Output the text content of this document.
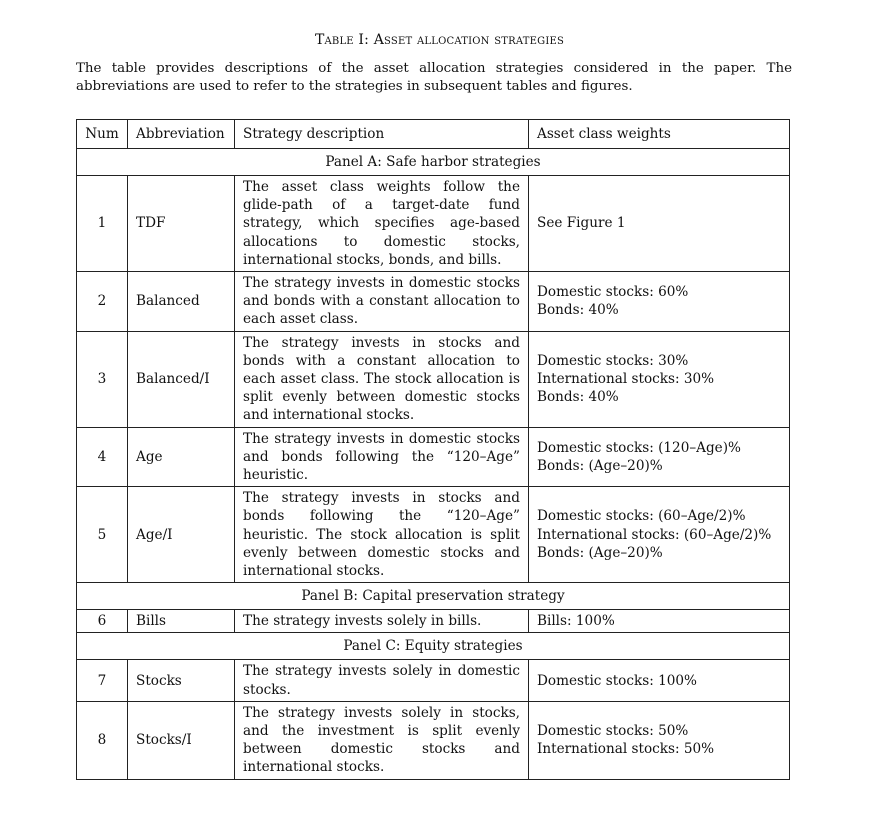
Table I: Asset allocation strategies
The table provides descriptions of the asset allocation strategies considered in the paper. The abbreviations are used to refer to the strategies in subsequent tables and figures.
Num	Abbreviation	Strategy description	Asset class weights
Panel A: Safe harbor strategies			
1	TDF	The asset class weights follow the glide-path of a target-date fund strategy, which specifies age-based allocations to domestic stocks, international stocks, bonds, and bills.	See Figure 1

2	Balanced	The strategy invests in domestic stocks and bonds with a constant allocation to each asset class.	Domestic stocks: 60%
Bonds: 40%

3	Balanced/I	The strategy invests in stocks and bonds with a constant allocation to each asset class. The stock allocation is split evenly between domestic stocks and international stocks.	Domestic stocks: 30%
International stocks: 30%
Bonds: 40%

4	Age	The strategy invests in domestic stocks and bonds following the “120–Age” heuristic.	Domestic stocks: (120–Age)%
Bonds: (Age–20)%

5	Age/I	The strategy invests in stocks and bonds following the “120–Age” heuristic. The stock allocation is split evenly between domestic stocks and international stocks.	Domestic stocks: (60–Age/2)%
International stocks: (60–Age/2)%
Bonds: (Age–20)%

Panel B: Capital preservation strategy			
6	Bills	The strategy invests solely in bills.	Bills: 100%

Panel C: Equity strategies			
7	Stocks	The strategy invests solely in domestic stocks.	Domestic stocks: 100%

8	Stocks/I	The strategy invests solely in stocks, and the investment is split evenly between domestic stocks and international stocks.	Domestic stocks: 50%
International stocks: 50%
